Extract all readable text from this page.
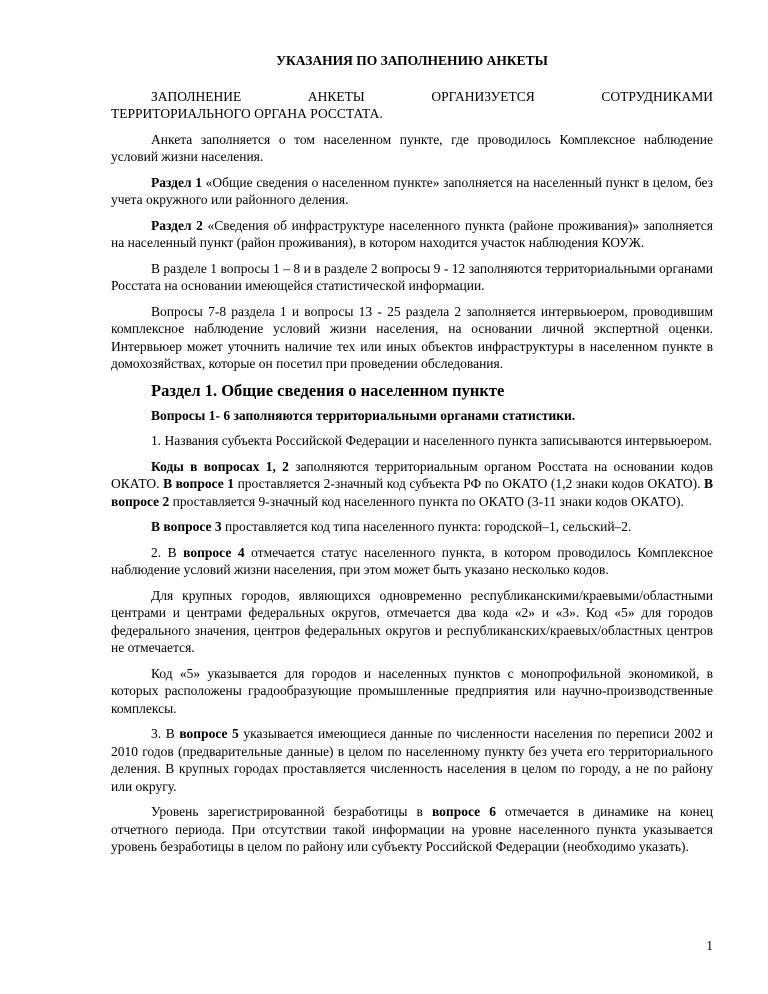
УКАЗАНИЯ ПО ЗАПОЛНЕНИЮ АНКЕТЫ

ЗАПОЛНЕНИЕ АНКЕТЫ ОРГАНИЗУЕТСЯ СОТРУДНИКАМИ

ТЕРРИТОРИАЛЬНОГО ОРГАНА РОССТАТА.

Анкета заполняется о том населенном пункте, где проводилось Комплексное наблюдение условий жизни населения.

Раздел 1 «Общие сведения о населенном пункте» заполняется на населенный пункт в целом, без учета окружного или районного деления.

Раздел 2 «Сведения об инфраструктуре населенного пункта (районе проживания)» заполняется на населенный пункт (район проживания), в котором находится участок наблюдения КОУЖ.

В разделе 1 вопросы 1 – 8 и в разделе 2 вопросы 9 - 12 заполняются территориальными органами Росстата на основании имеющейся статистической информации.

Вопросы 7-8 раздела 1 и вопросы 13 - 25 раздела 2 заполняется интервьюером, проводившим комплексное наблюдение условий жизни населения, на основании личной экспертной оценки. Интервьюер может уточнить наличие тех или иных объектов инфраструктуры в населенном пункте в домохозяйствах, которые он посетил при проведении обследования.

Раздел 1. Общие сведения о населенном пункте

Вопросы 1- 6 заполняются территориальными органами статистики.

1. Названия субъекта Российской Федерации и населенного пункта записываются интервьюером.

Коды в вопросах 1, 2 заполняются территориальным органом Росстата на основании кодов ОКАТО. В вопросе 1 проставляется 2-значный код субъекта РФ по ОКАТО (1,2 знаки кодов ОКАТО). В вопросе 2 проставляется 9-значный код населенного пункта по ОКАТО (3-11 знаки кодов ОКАТО).

В вопросе 3 проставляется код типа населенного пункта: городской–1, сельский–2.

2. В вопросе 4 отмечается статус населенного пункта, в котором проводилось Комплексное наблюдение условий жизни населения, при этом может быть указано несколько кодов.

Для крупных городов, являющихся одновременно республиканскими/краевыми/областными центрами и центрами федеральных округов, отмечается два кода «2» и «3». Код «5» для городов федерального значения, центров федеральных округов и республиканских/краевых/областных центров не отмечается.

Код «5» указывается для городов и населенных пунктов с монопрофильной экономикой, в которых расположены градообразующие промышленные предприятия или научно-производственные комплексы.

3. В вопросе 5 указывается имеющиеся данные по численности населения по переписи 2002 и 2010 годов (предварительные данные) в целом по населенному пункту без учета его территориального деления. В крупных городах проставляется численность населения в целом по городу, а не по району или округу.

Уровень зарегистрированной безработицы в вопросе 6 отмечается в динамике на конец отчетного периода. При отсутствии такой информации на уровне населенного пункта указывается уровень безработицы в целом по району или субъекту Российской Федерации (необходимо указать).

1
